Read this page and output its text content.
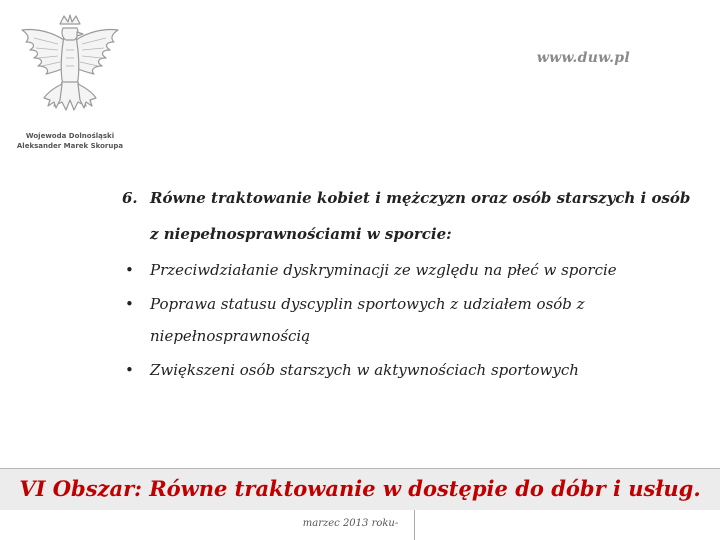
Wojewoda Dolnośląski
Aleksander Marek Skorupa
www.duw.pl
6. Równe traktowanie kobiet i mężczyzn oraz osób starszych i osób z niepełnosprawnościami w sporcie:
•	Przeciwdziałanie dyskryminacji ze względu na płeć w sporcie
•	Poprawa statusu dyscyplin sportowych z udziałem osób z niepełnosprawnością
•	Zwiększeni osób starszych w aktywnościach sportowych
VI Obszar: Równe traktowanie w dostępie do dóbr i usług.
marzec 2013 roku-
